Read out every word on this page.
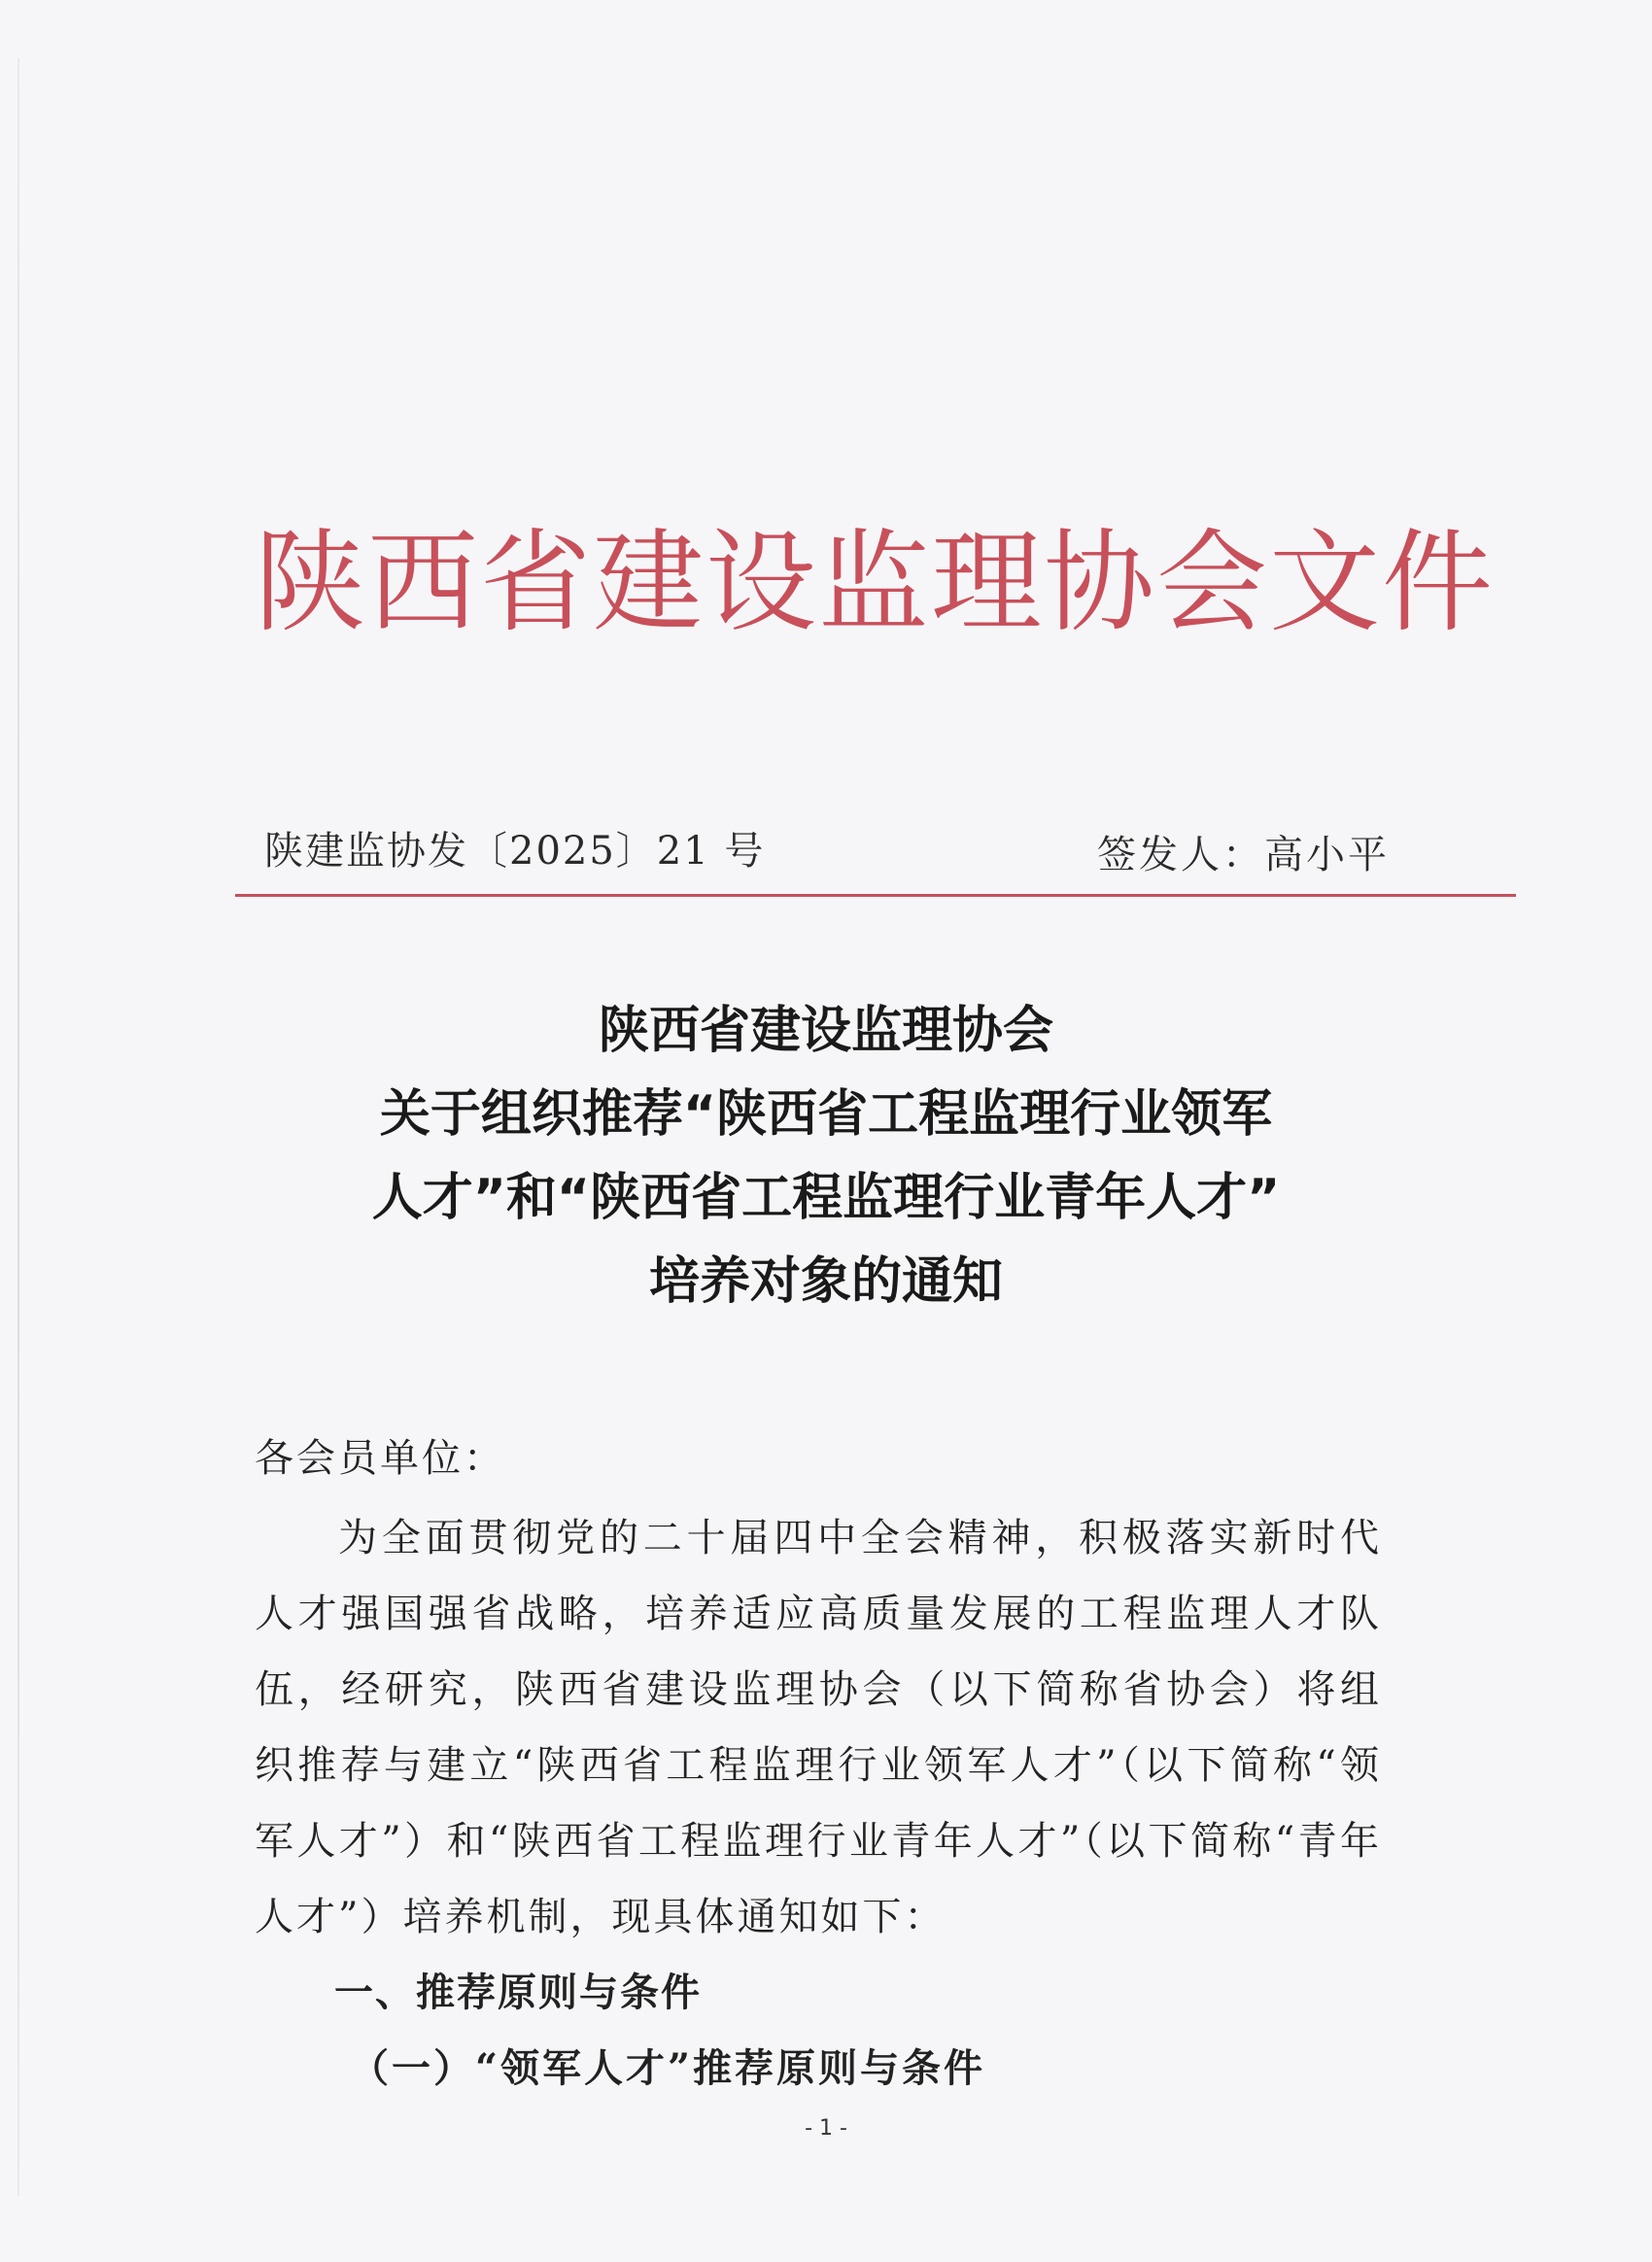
陕西省建设监理协会文件
陕建监协发〔2025〕21 号	签发人：高小平
陕西省建设监理协会
关于组织推荐“陕西省工程监理行业领军
人才”和“陕西省工程监理行业青年人才”
培养对象的通知
各会员单位：
为全面贯彻党的二十届四中全会精神，积极落实新时代人才强国强省战略，培养适应高质量发展的工程监理人才队伍，经研究，陕西省建设监理协会（以下简称省协会）将组织推荐与建立“陕西省工程监理行业领军人才”（以下简称“领军人才”）和“陕西省工程监理行业青年人才”（以下简称“青年人才”）培养机制，现具体通知如下：
一、推荐原则与条件
（一）“领军人才”推荐原则与条件
- 1 -
